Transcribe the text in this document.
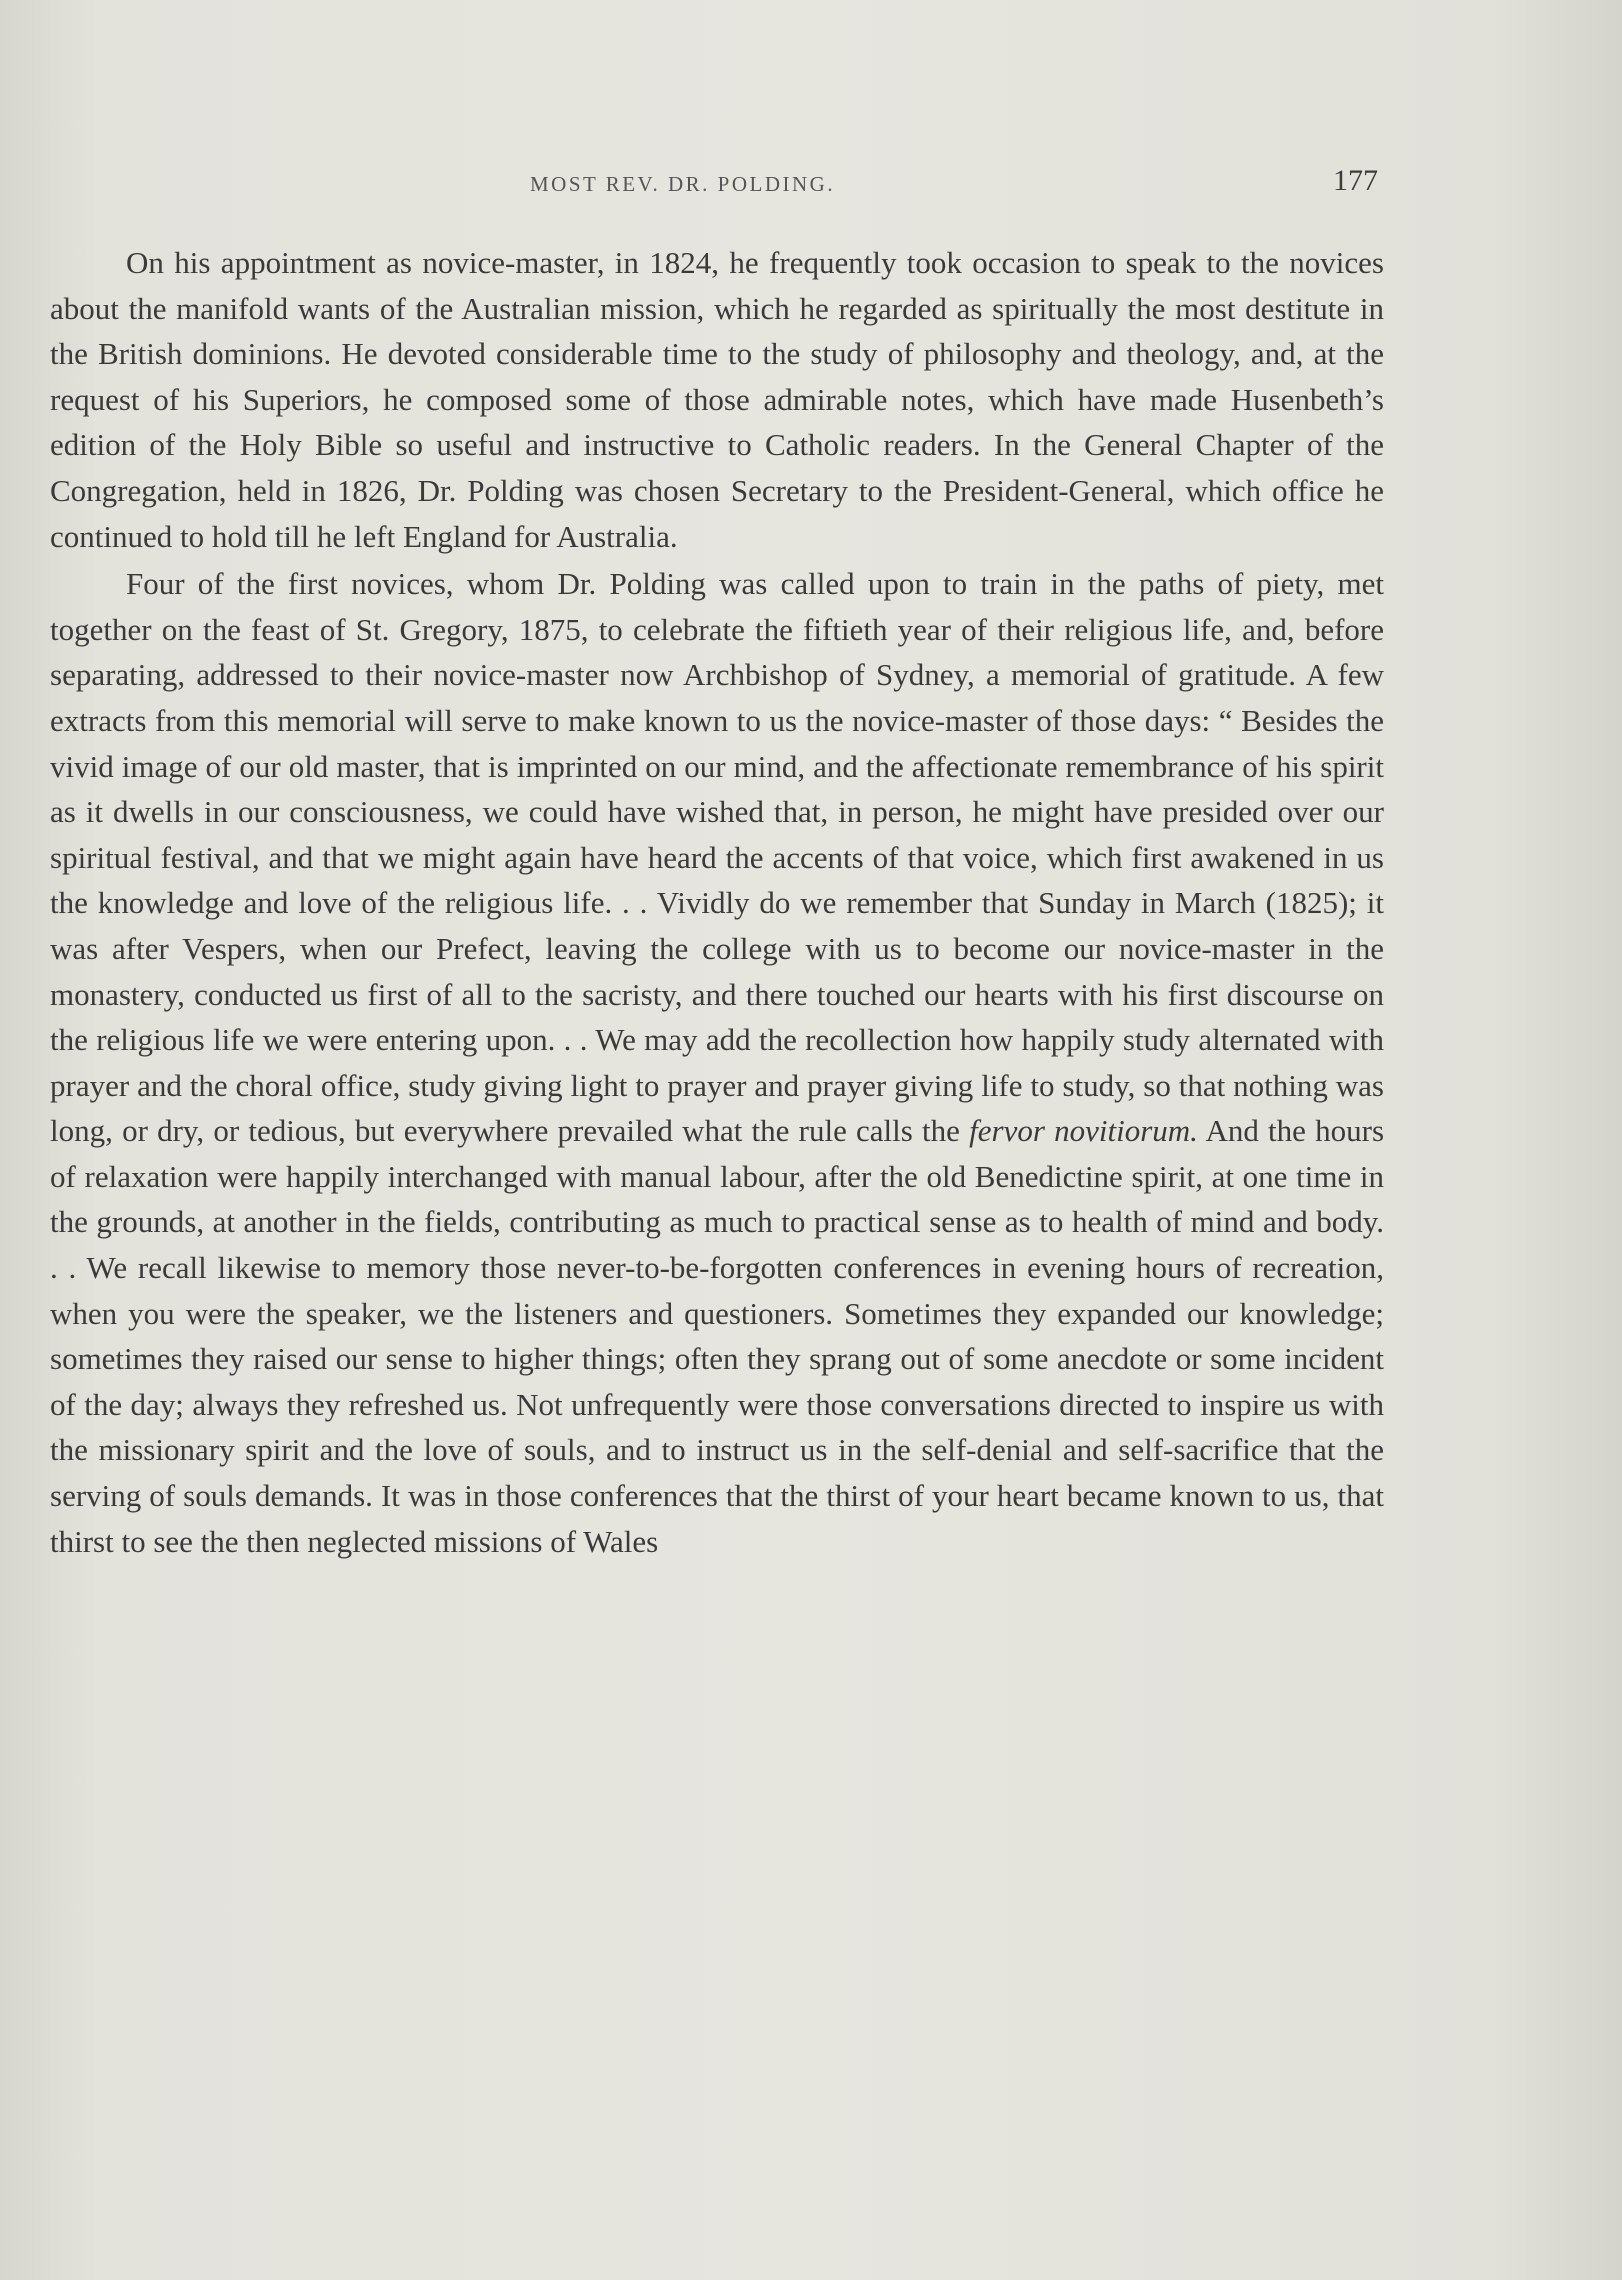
MOST REV. DR. POLDING.	177

On his appointment as novice-master, in 1824, he frequently took occasion to speak to the novices about the manifold wants of the Australian mission, which he regarded as spiritually the most destitute in the British dominions. He devoted considerable time to the study of philosophy and theology, and, at the request of his Superiors, he composed some of those admirable notes, which have made Husenbeth’s edition of the Holy Bible so useful and instructive to Catholic readers. In the General Chapter of the Congregation, held in 1826, Dr. Polding was chosen Secretary to the President-General, which office he continued to hold till he left England for Australia.

Four of the first novices, whom Dr. Polding was called upon to train in the paths of piety, met together on the feast of St. Gregory, 1875, to celebrate the fiftieth year of their religious life, and, before separating, addressed to their novice-master now Archbishop of Sydney, a memorial of gratitude. A few extracts from this memorial will serve to make known to us the novice-master of those days: “ Besides the vivid image of our old master, that is imprinted on our mind, and the affectionate remembrance of his spirit as it dwells in our consciousness, we could have wished that, in person, he might have presided over our spiritual festival, and that we might again have heard the accents of that voice, which first awakened in us the knowledge and love of the religious life. . . Vividly do we remember that Sunday in March (1825); it was after Vespers, when our Prefect, leaving the college with us to become our novice-master in the monastery, conducted us first of all to the sacristy, and there touched our hearts with his first discourse on the religious life we were entering upon. . . We may add the recollection how happily study alternated with prayer and the choral office, study giving light to prayer and prayer giving life to study, so that nothing was long, or dry, or tedious, but everywhere prevailed what the rule calls the fervor novitiorum. And the hours of relaxation were happily interchanged with manual labour, after the old Benedictine spirit, at one time in the grounds, at another in the fields, contributing as much to practical sense as to health of mind and body. . . We recall likewise to memory those never-to-be-forgotten conferences in evening hours of recreation, when you were the speaker, we the listeners and questioners. Sometimes they expanded our knowledge; sometimes they raised our sense to higher things; often they sprang out of some anecdote or some incident of the day; always they refreshed us. Not unfrequently were those conversations directed to inspire us with the missionary spirit and the love of souls, and to instruct us in the self-denial and self-sacrifice that the serving of souls demands. It was in those conferences that the thirst of your heart became known to us, that thirst to see the then neglected missions of Wales
